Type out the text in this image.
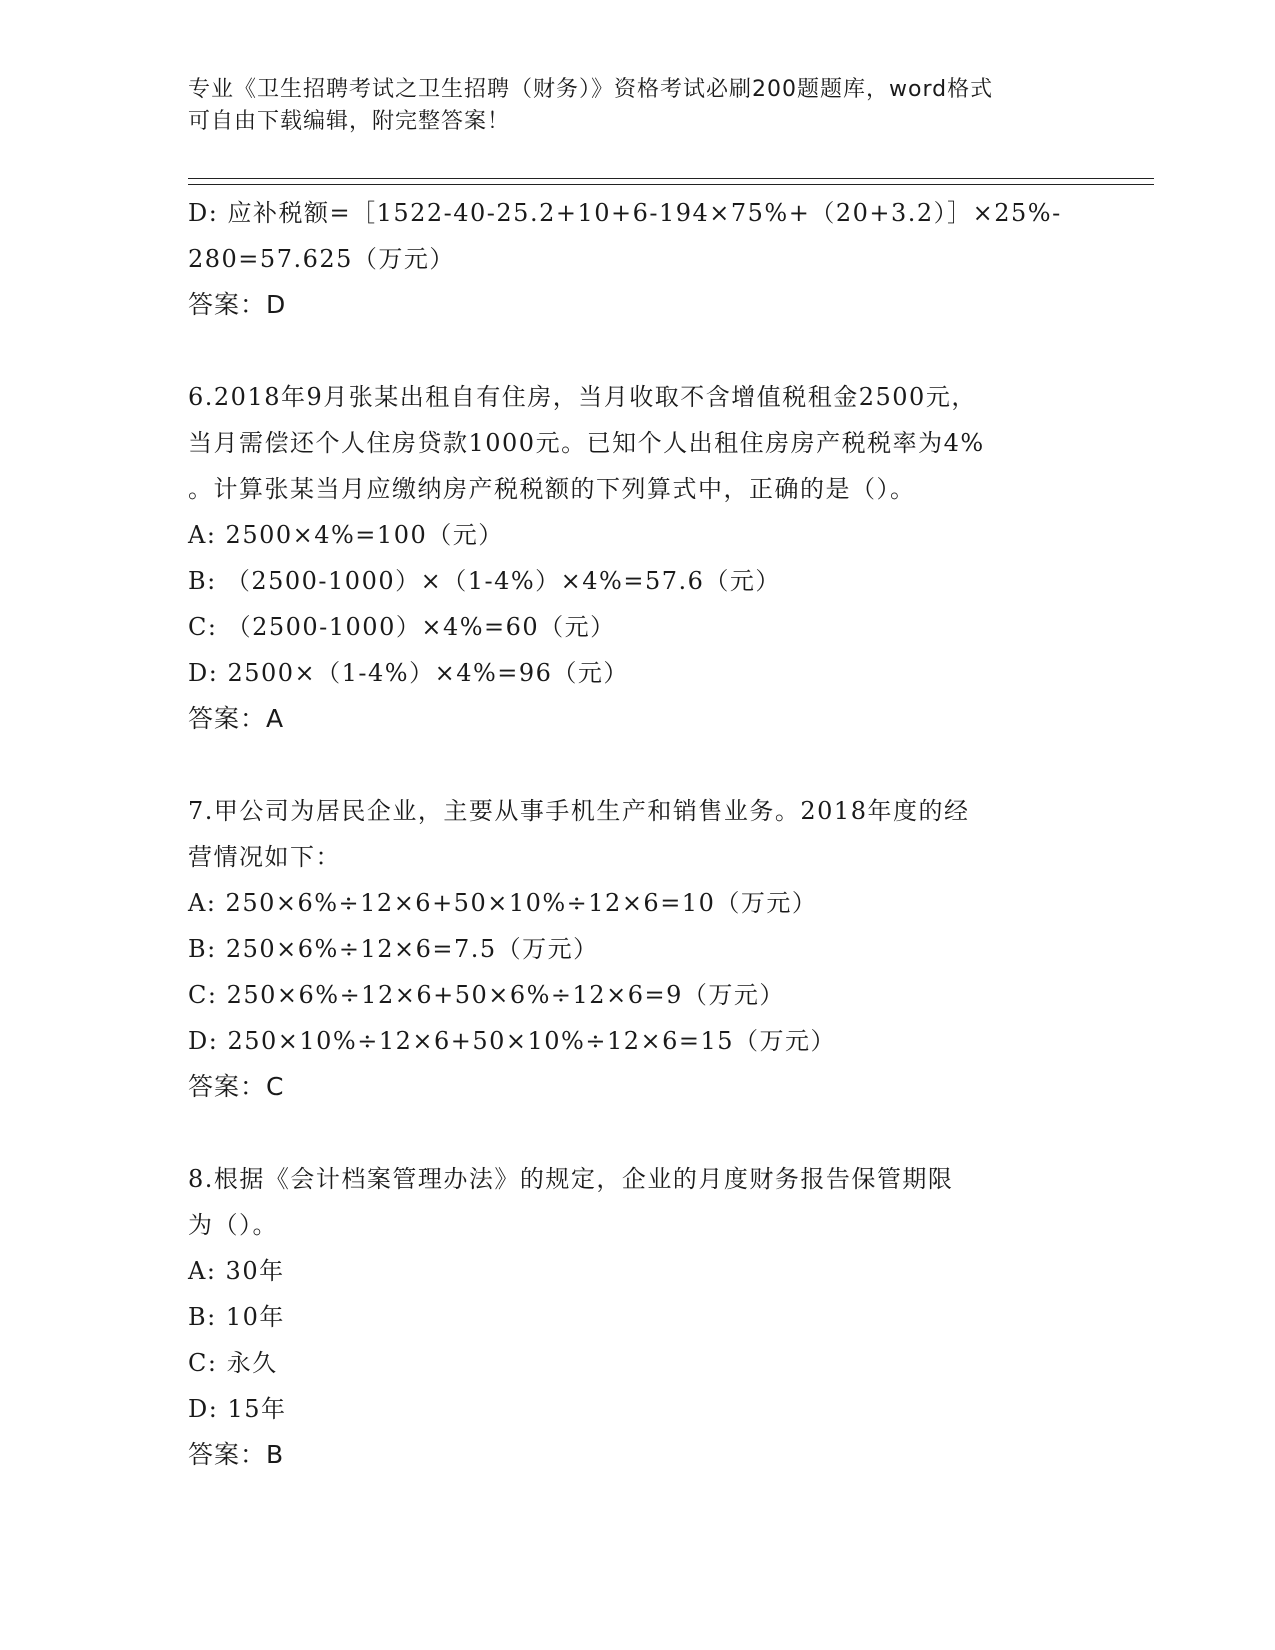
专业《卫生招聘考试之卫生招聘（财务）》资格考试必刷200题题库，word格式
可自由下载编辑，附完整答案！
D: 应补税额=［1522-40-25.2+10+6-194×75%+（20+3.2）］×25%-
280=57.625（万元）
答案：D
6.2018年9月张某出租自有住房，当月收取不含增值税租金2500元，
当月需偿还个人住房贷款1000元。已知个人出租住房房产税税率为4%
。计算张某当月应缴纳房产税税额的下列算式中，正确的是（）。
A: 2500×4%=100（元）
B: （2500-1000）×（1-4%）×4%=57.6（元）
C: （2500-1000）×4%=60（元）
D: 2500×（1-4%）×4%=96（元）
答案：A
7.甲公司为居民企业，主要从事手机生产和销售业务。2018年度的经
营情况如下：
A: 250×6%÷12×6+50×10%÷12×6=10（万元）
B: 250×6%÷12×6=7.5（万元）
C: 250×6%÷12×6+50×6%÷12×6=9（万元）
D: 250×10%÷12×6+50×10%÷12×6=15（万元）
答案：C
8.根据《会计档案管理办法》的规定，企业的月度财务报告保管期限
为（）。
A: 30年
B: 10年
C: 永久
D: 15年
答案：B
